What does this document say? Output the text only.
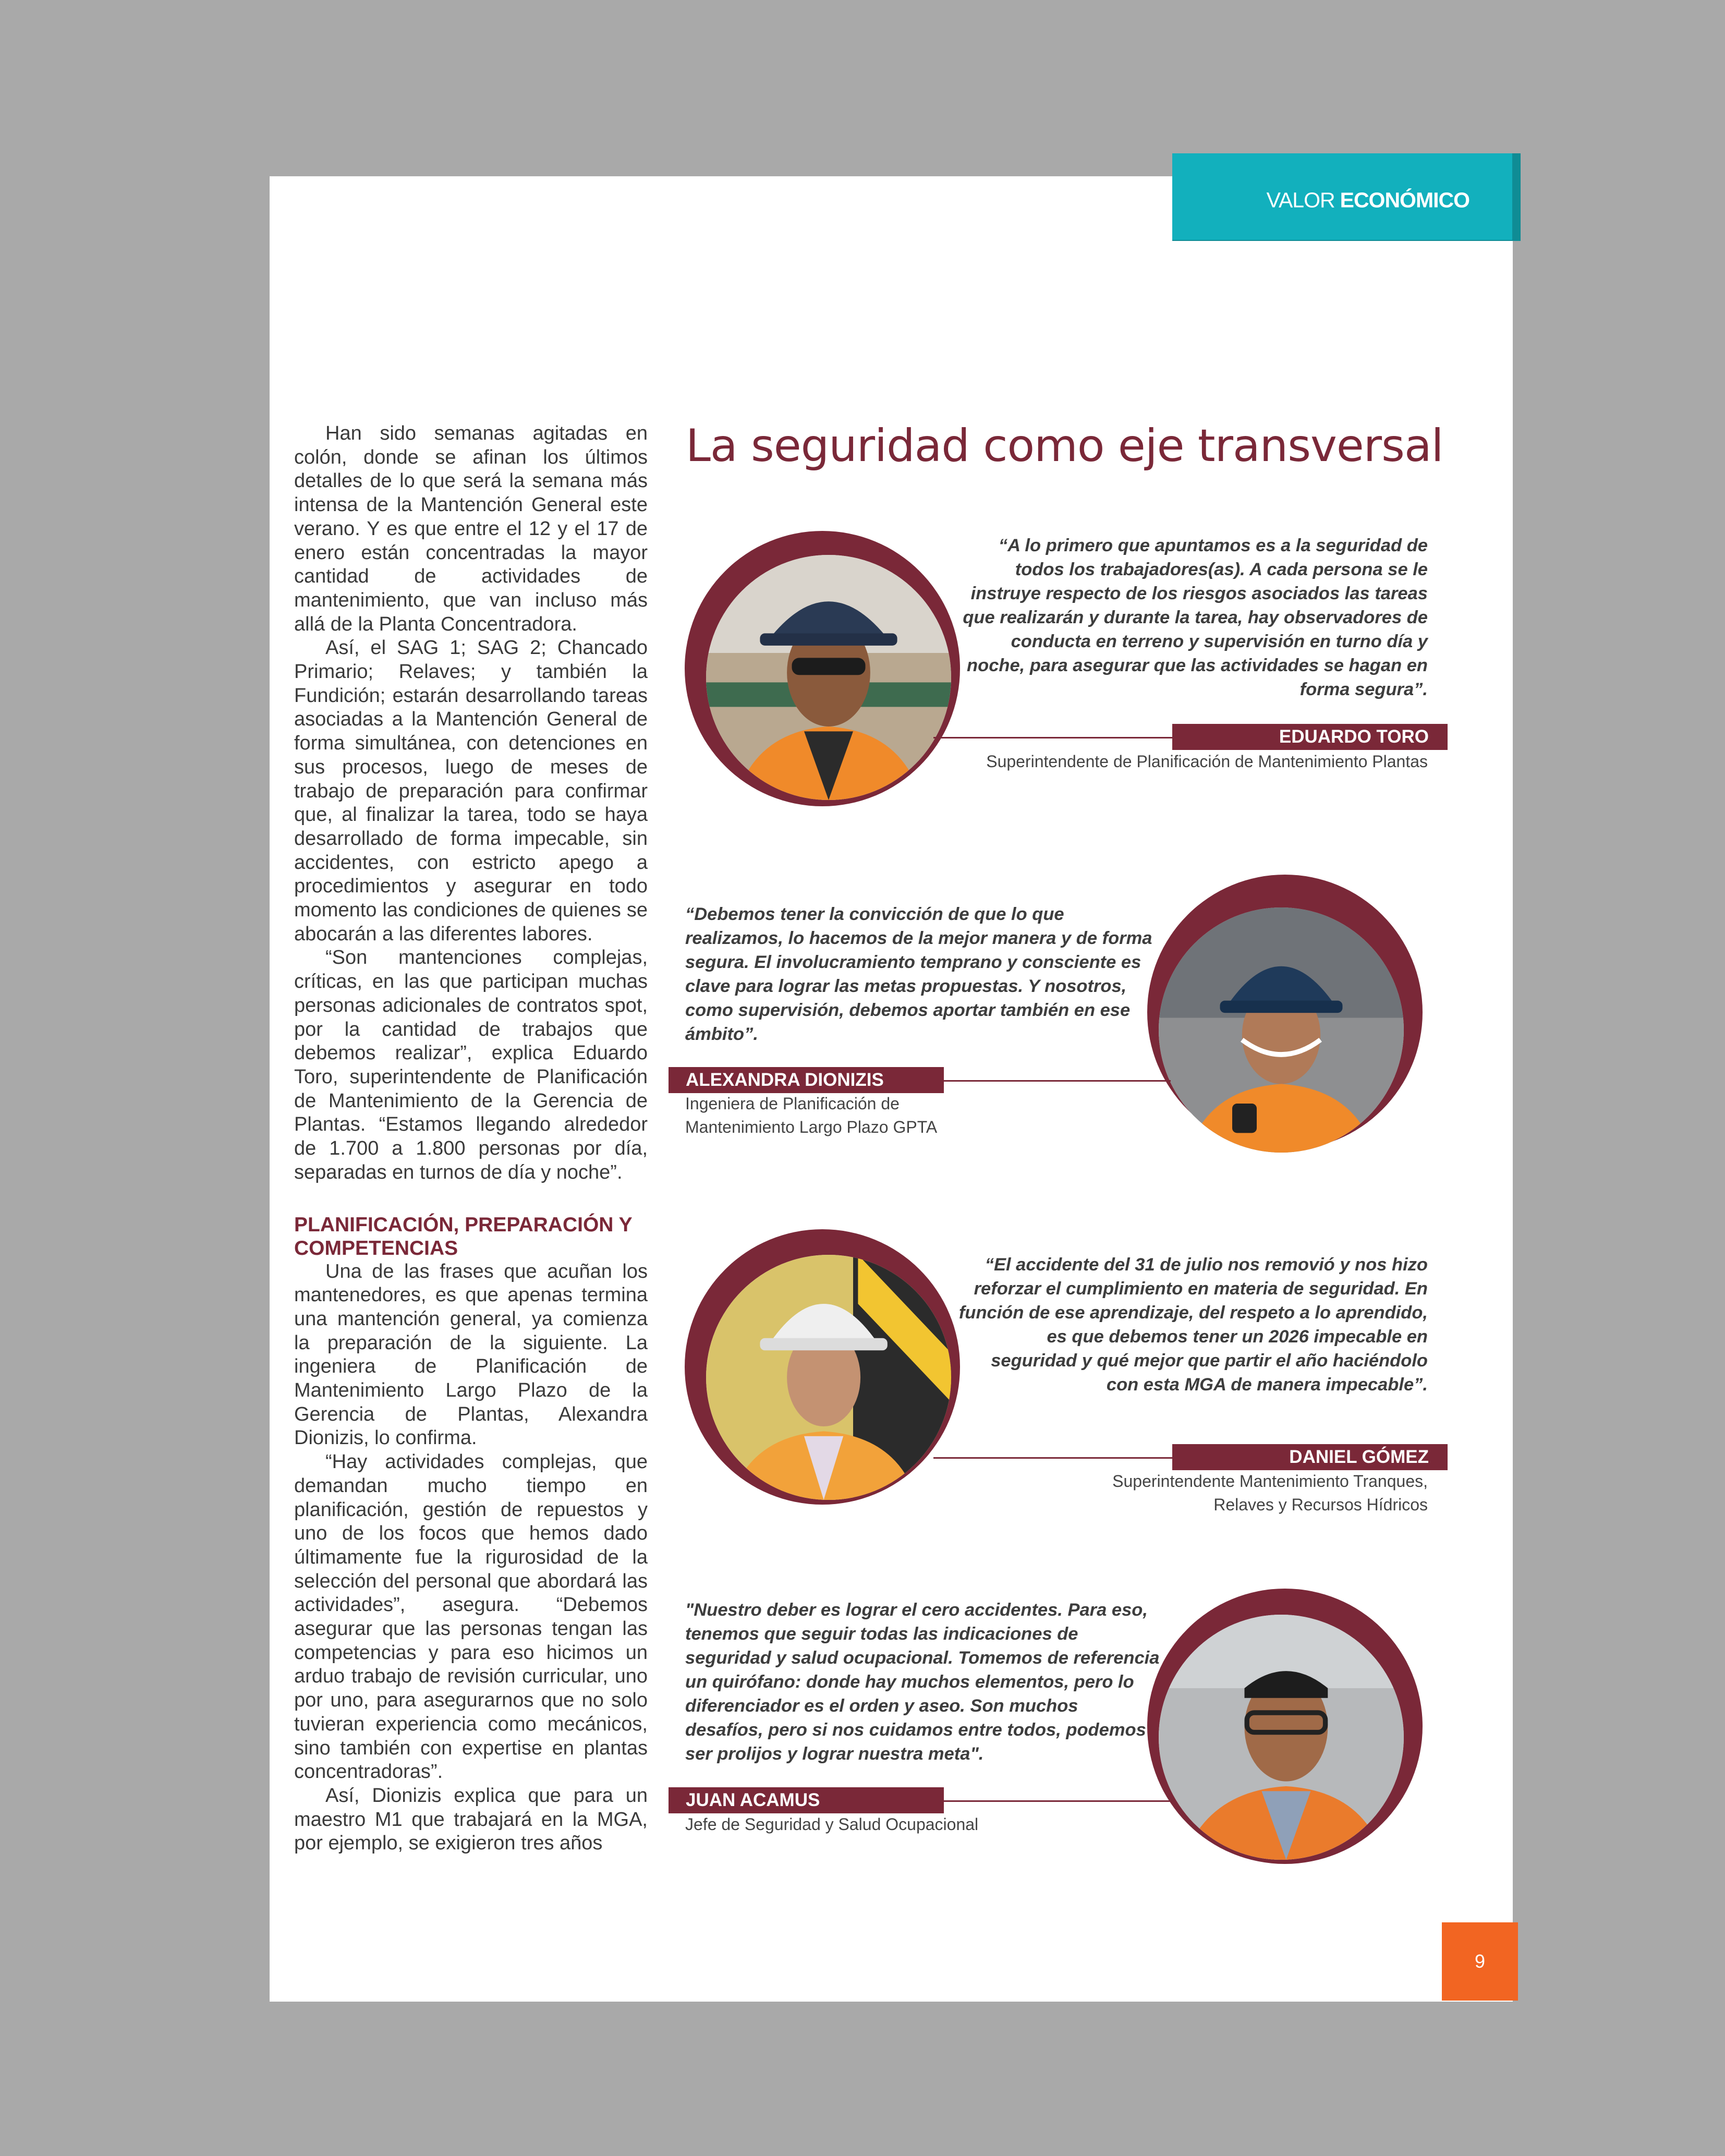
VALOR ECONÓMICO

Han sido semanas agitadas en colón, donde se afinan los últimos detalles de lo que será la semana más intensa de la Mantención General este verano. Y es que entre el 12 y el 17 de enero están concentradas la mayor cantidad de actividades de mantenimiento, que van incluso más allá de la Planta Concentradora.

Así, el SAG 1; SAG 2; Chancado Primario; Relaves; y también la Fundición; estarán desarrollando tareas asociadas a la Mantención General de forma simultánea, con detenciones en sus procesos, luego de meses de trabajo de preparación para confirmar que, al finalizar la tarea, todo se haya desarrollado de forma impecable, sin accidentes, con estricto apego a procedimientos y asegurar en todo momento las condiciones de quienes se abocarán a las diferentes labores.

“Son mantenciones complejas, críticas, en las que participan muchas personas adicionales de contratos spot, por la cantidad de trabajos que debemos realizar”, explica Eduardo Toro, superintendente de Planificación de Mantenimiento de la Gerencia de Plantas. “Estamos llegando alrededor de 1.700 a 1.800 personas por día, separadas en turnos de día y noche”.

PLANIFICACIÓN, PREPARACIÓN Y COMPETENCIAS

Una de las frases que acuñan los mantenedores, es que apenas termina una mantención general, ya comienza la preparación de la siguiente. La ingeniera de Planificación de Mantenimiento Largo Plazo de la Gerencia de Plantas, Alexandra Dionizis, lo confirma.

“Hay actividades complejas, que demandan mucho tiempo en planificación, gestión de repuestos y uno de los focos que hemos dado últimamente fue la rigurosidad de la selección del personal que abordará las actividades”, asegura. “Debemos asegurar que las personas tengan las competencias y para eso hicimos un arduo trabajo de revisión curricular, uno por uno, para asegurarnos que no solo tuvieran experiencia como mecánicos, sino también con expertise en plantas concentradoras”.

Así, Dionizis explica que para un maestro M1 que trabajará en la MGA, por ejemplo, se exigieron tres años

La seguridad como eje transversal
“A lo primero que apuntamos es a la seguridad de todos los trabajadores(as). A cada persona se le instruye respecto de los riesgos asociados las tareas que realizarán y durante la tarea, hay observadores de conducta en terreno y supervisión en turno día y noche, para asegurar que las actividades se hagan en forma segura”.
EDUARDO TORO
Superintendente de Planificación de Mantenimiento Plantas
“Debemos tener la convicción de que lo que realizamos, lo hacemos de la mejor manera y de forma segura. El involucramiento temprano y consciente es clave para lograr las metas propuestas. Y nosotros, como supervisión, debemos aportar también en ese ámbito”.
ALEXANDRA DIONIZIS
Ingeniera de Planificación de Mantenimiento Largo Plazo GPTA
“El accidente del 31 de julio nos removió y nos hizo reforzar el cumplimiento en materia de seguridad. En función de ese aprendizaje, del respeto a lo aprendido, es que debemos tener un 2026 impecable en seguridad y qué mejor que partir el año haciéndolo con esta MGA de manera impecable”.
DANIEL GÓMEZ
Superintendente Mantenimiento Tranques, Relaves y Recursos Hídricos
"Nuestro deber es lograr el cero accidentes. Para eso, tenemos que seguir todas las indicaciones de seguridad y salud ocupacional. Tomemos de referencia un quirófano: donde hay muchos elementos, pero lo diferenciador es el orden y aseo. Son muchos desafíos, pero si nos cuidamos entre todos, podemos ser prolijos y lograr nuestra meta".
JUAN ACAMUS
Jefe de Seguridad y Salud Ocupacional
9
